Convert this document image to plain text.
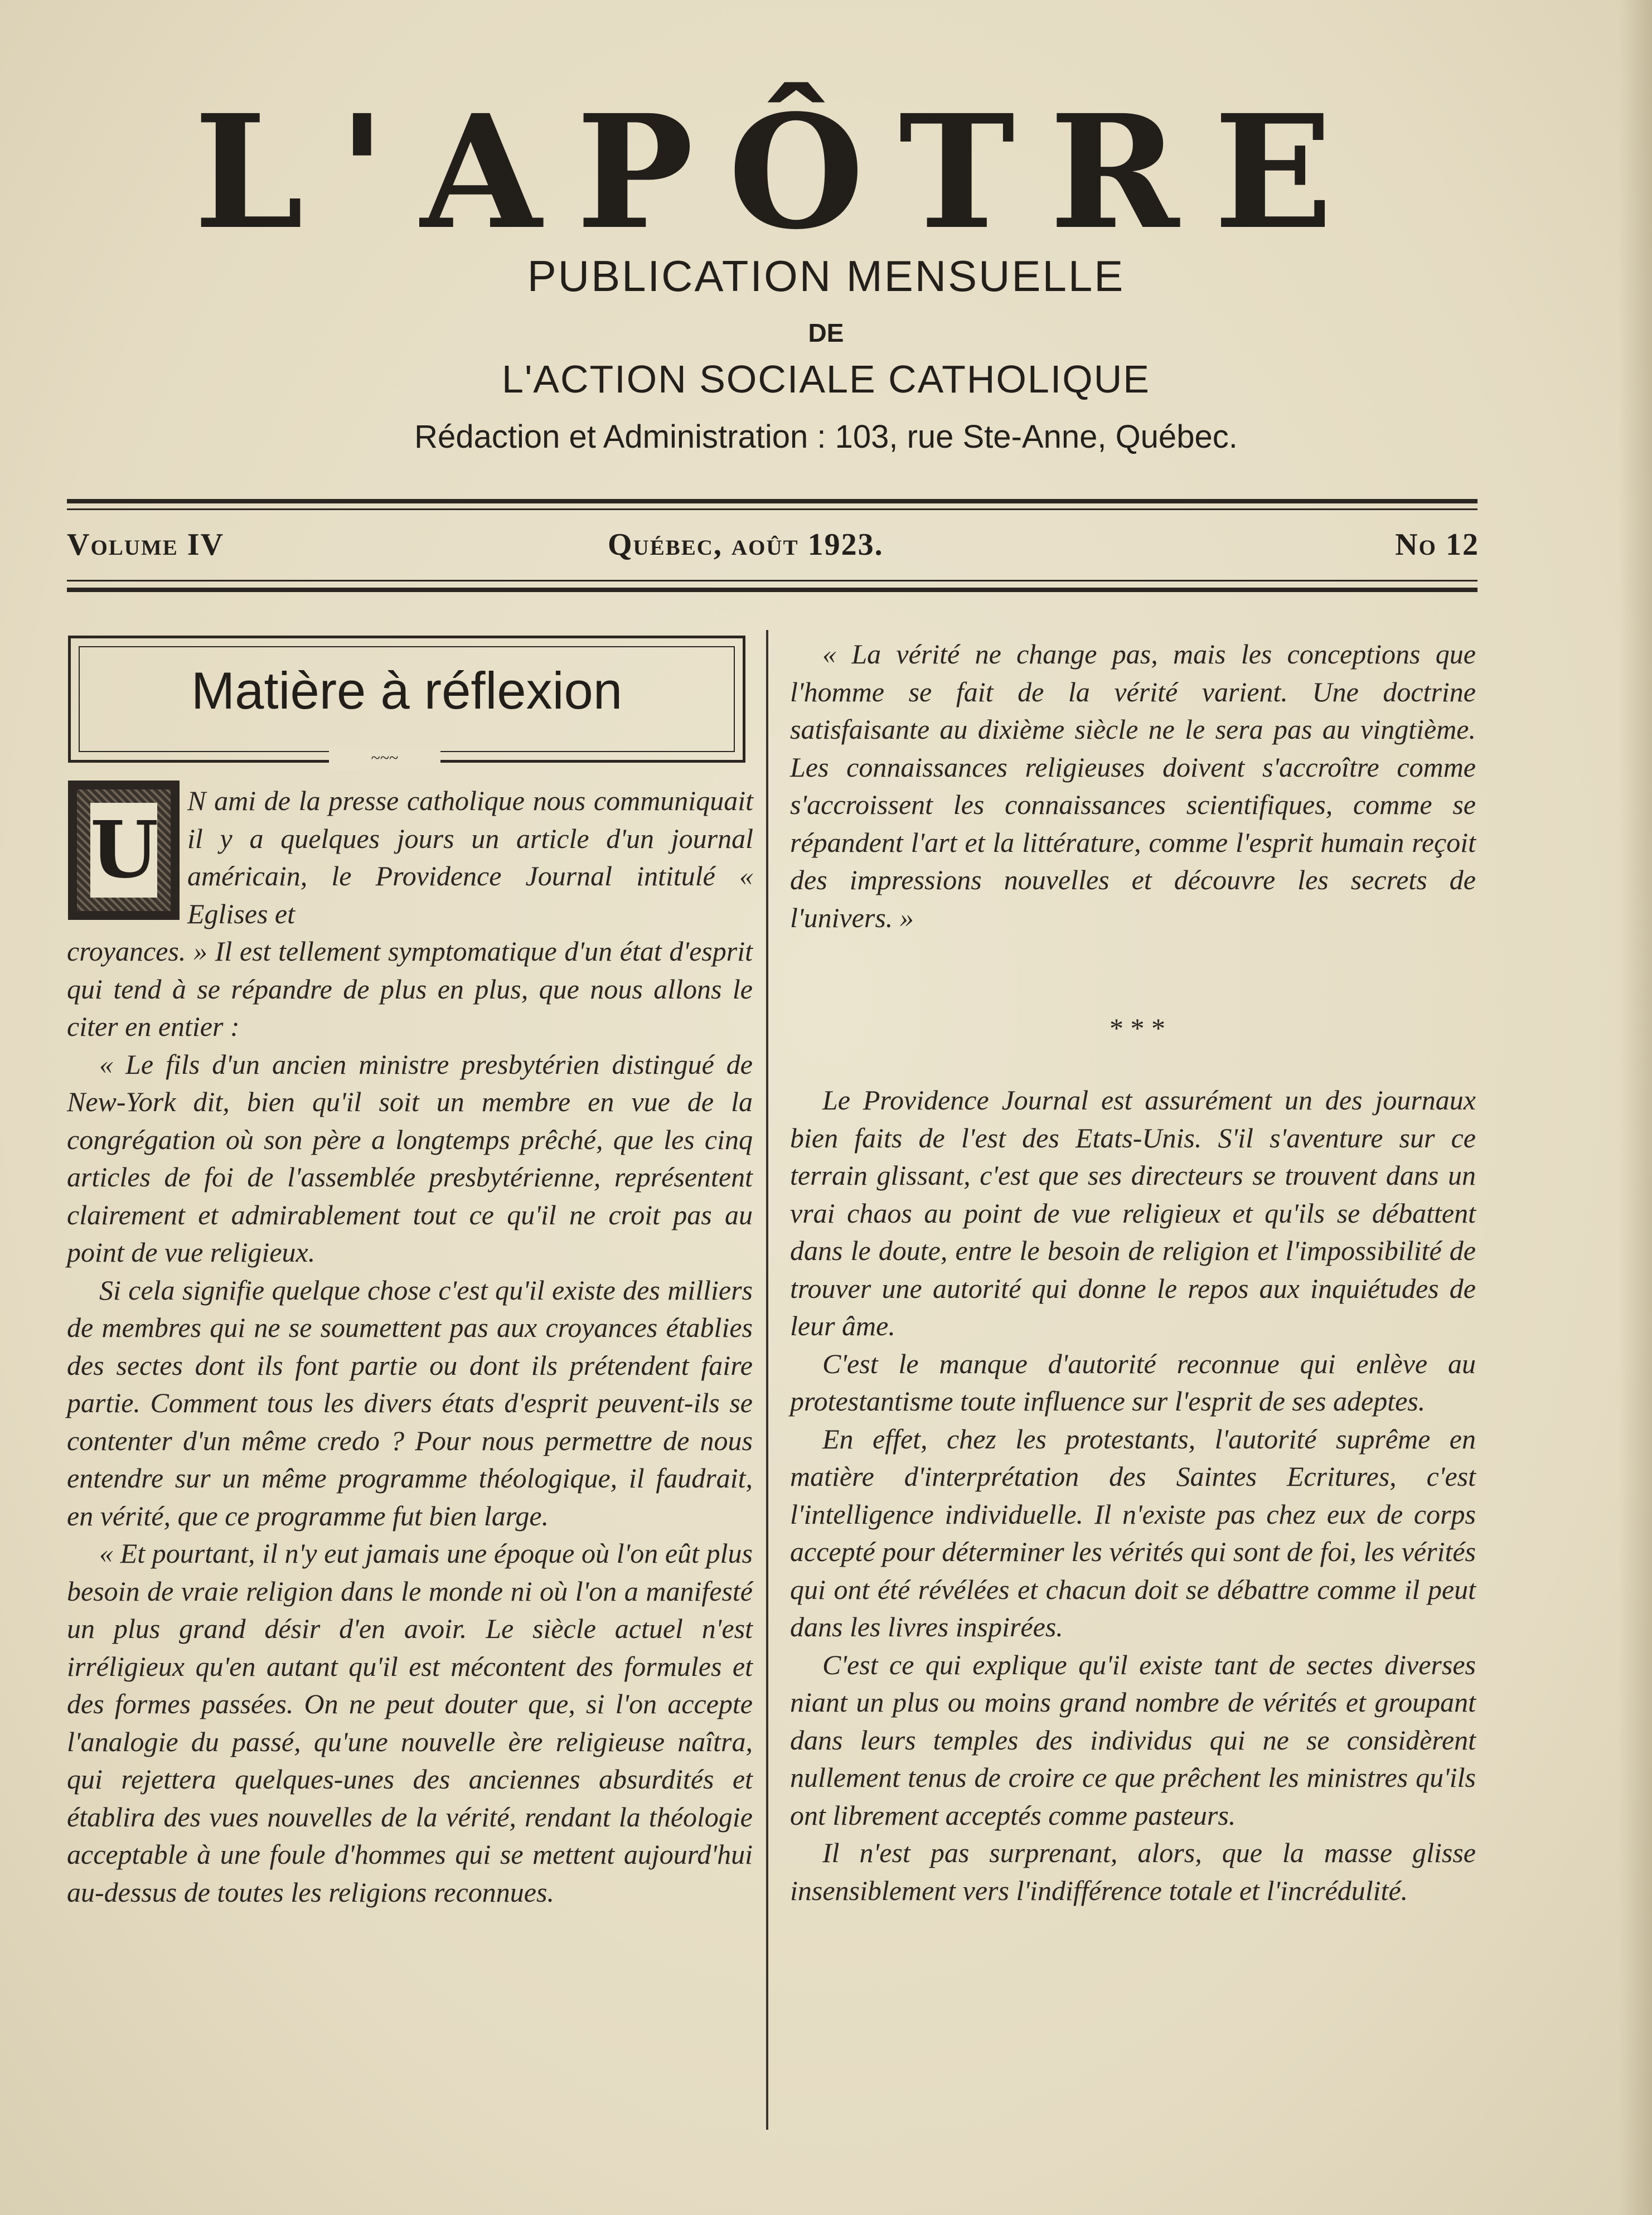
L'APÔTRE
PUBLICATION MENSUELLE
DE
L'ACTION SOCIALE CATHOLIQUE
Rédaction et Administration : 103, rue Ste-Anne, Québec.
Volume IV	Québec, août 1923.	No 12
Matière à réflexion
~~~
U
N ami de la presse catholique nous communiquait il y a quelques jours un article d'un journal américain, le Providence Journal intitulé « Eglises et

croyances. » Il est tellement symptomatique d'un état d'esprit qui tend à se répandre de plus en plus, que nous allons le citer en entier :

« Le fils d'un ancien ministre presbytérien distingué de New-York dit, bien qu'il soit un membre en vue de la congrégation où son père a longtemps prêché, que les cinq articles de foi de l'assemblée presbytérienne, représentent clairement et admirablement tout ce qu'il ne croit pas au point de vue religieux.

Si cela signifie quelque chose c'est qu'il existe des milliers de membres qui ne se soumettent pas aux croyances établies des sectes dont ils font partie ou dont ils prétendent faire partie. Comment tous les divers états d'esprit peuvent-ils se contenter d'un même credo ? Pour nous permettre de nous entendre sur un même programme théologique, il faudrait, en vérité, que ce programme fut bien large.

« Et pourtant, il n'y eut jamais une époque où l'on eût plus besoin de vraie religion dans le monde ni où l'on a manifesté un plus grand désir d'en avoir. Le siècle actuel n'est irréligieux qu'en autant qu'il est mécontent des formules et des formes passées. On ne peut douter que, si l'on accepte l'analogie du passé, qu'une nouvelle ère religieuse naîtra, qui rejettera quelques-unes des anciennes absurdités et établira des vues nouvelles de la vérité, rendant la théologie acceptable à une foule d'hommes qui se mettent aujourd'hui au-dessus de toutes les religions reconnues.

« La vérité ne change pas, mais les conceptions que l'homme se fait de la vérité varient. Une doctrine satisfaisante au dixième siècle ne le sera pas au vingtième. Les connaissances religieuses doivent s'accroître comme s'accroissent les connaissances scientifiques, comme se répandent l'art et la littérature, comme l'esprit humain reçoit des impressions nouvelles et découvre les secrets de l'univers. »

* * *

Le Providence Journal est assurément un des journaux bien faits de l'est des Etats-Unis. S'il s'aventure sur ce terrain glissant, c'est que ses directeurs se trouvent dans un vrai chaos au point de vue religieux et qu'ils se débattent dans le doute, entre le besoin de religion et l'impossibilité de trouver une autorité qui donne le repos aux inquiétudes de leur âme.

C'est le manque d'autorité reconnue qui enlève au protestantisme toute influence sur l'esprit de ses adeptes.

En effet, chez les protestants, l'autorité suprême en matière d'interprétation des Saintes Ecritures, c'est l'intelligence individuelle. Il n'existe pas chez eux de corps accepté pour déterminer les vérités qui sont de foi, les vérités qui ont été révélées et chacun doit se débattre comme il peut dans les livres inspirées.

C'est ce qui explique qu'il existe tant de sectes diverses niant un plus ou moins grand nombre de vérités et groupant dans leurs temples des individus qui ne se considèrent nullement tenus de croire ce que prêchent les ministres qu'ils ont librement acceptés comme pasteurs.

Il n'est pas surprenant, alors, que la masse glisse insensiblement vers l'indifférence totale et l'incrédulité.
